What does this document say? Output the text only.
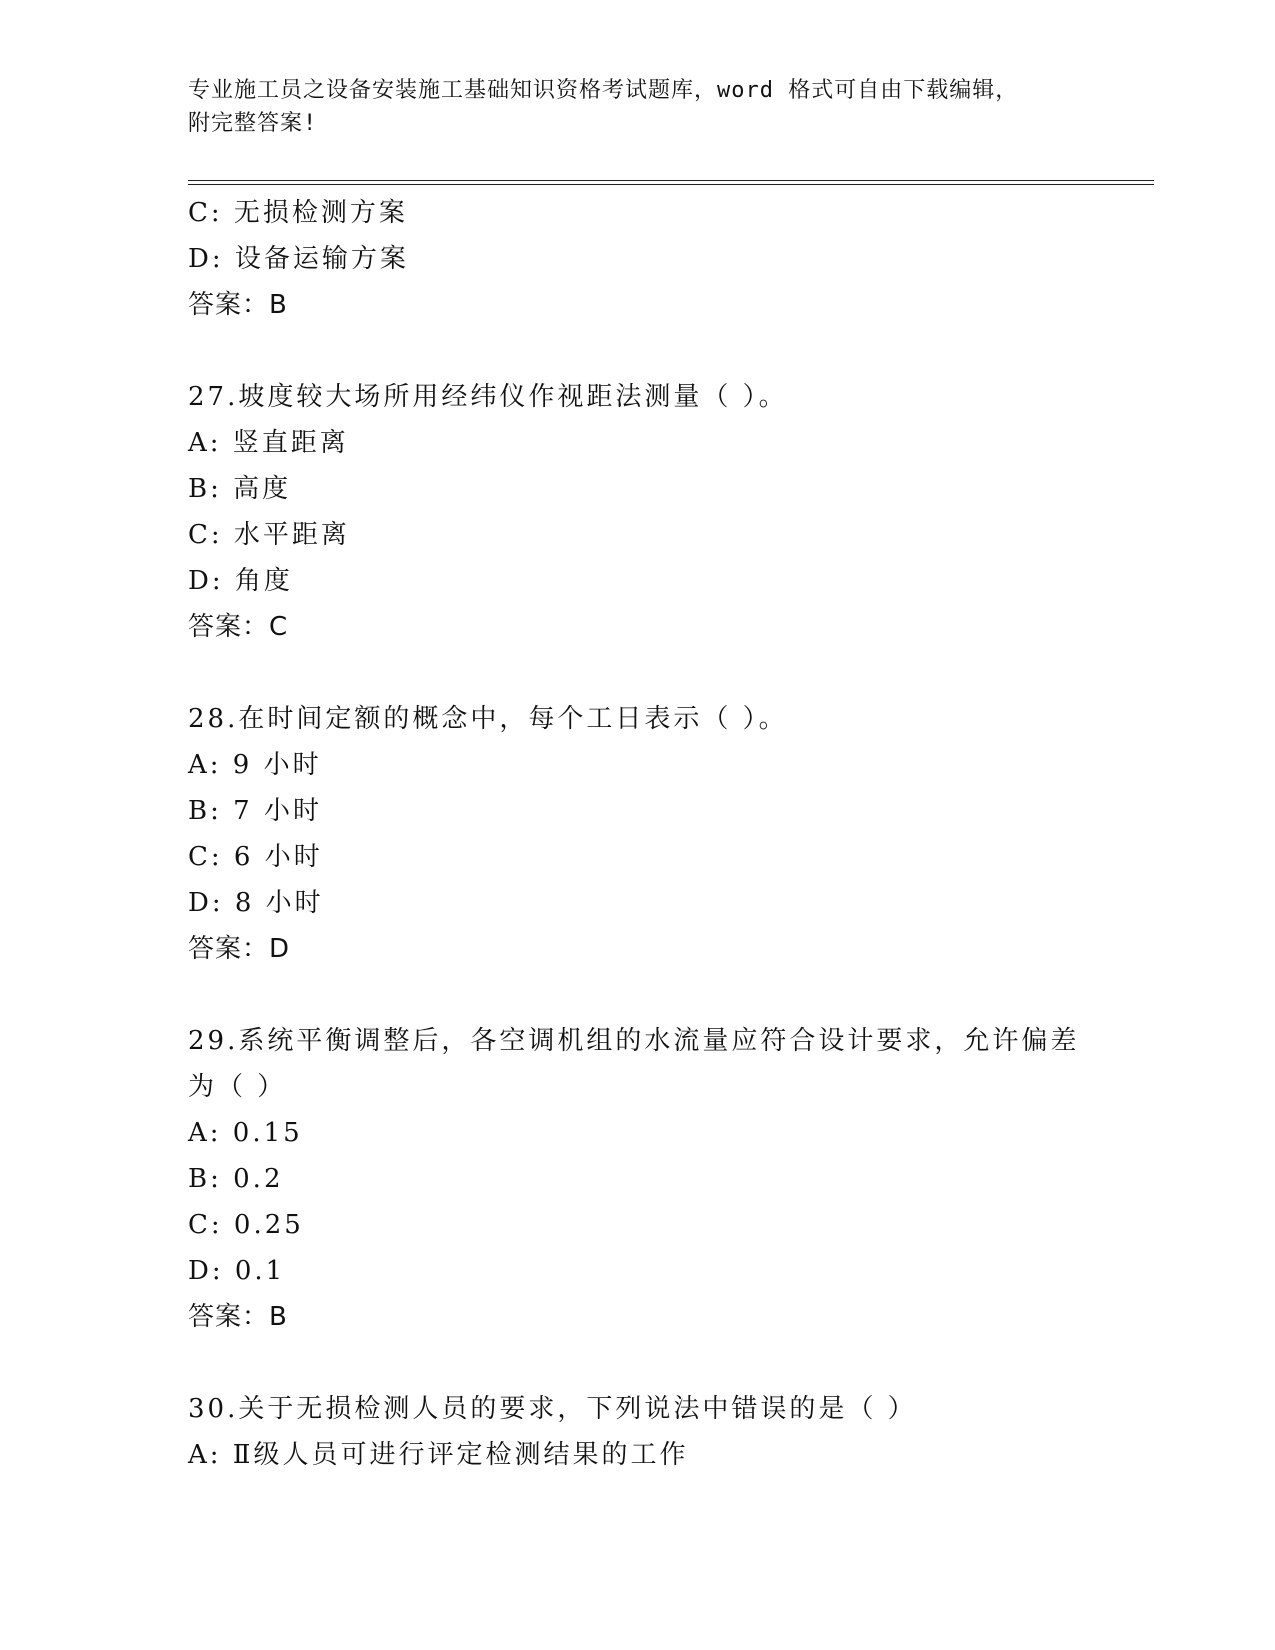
专业施工员之设备安装施工基础知识资格考试题库，word 格式可自由下载编辑，
附完整答案!
C: 无损检测方案
D: 设备运输方案
答案：B
27.坡度较大场所用经纬仪作视距法测量（ ）。
A: 竖直距离
B: 高度
C: 水平距离
D: 角度
答案：C
28.在时间定额的概念中，每个工日表示（ ）。
A: 9 小时
B: 7 小时
C: 6 小时
D: 8 小时
答案：D
29.系统平衡调整后，各空调机组的水流量应符合设计要求，允许偏差
为（ ）
A: 0.15
B: 0.2
C: 0.25
D: 0.1
答案：B
30.关于无损检测人员的要求，下列说法中错误的是（ ）
A: Ⅱ级人员可进行评定检测结果的工作
